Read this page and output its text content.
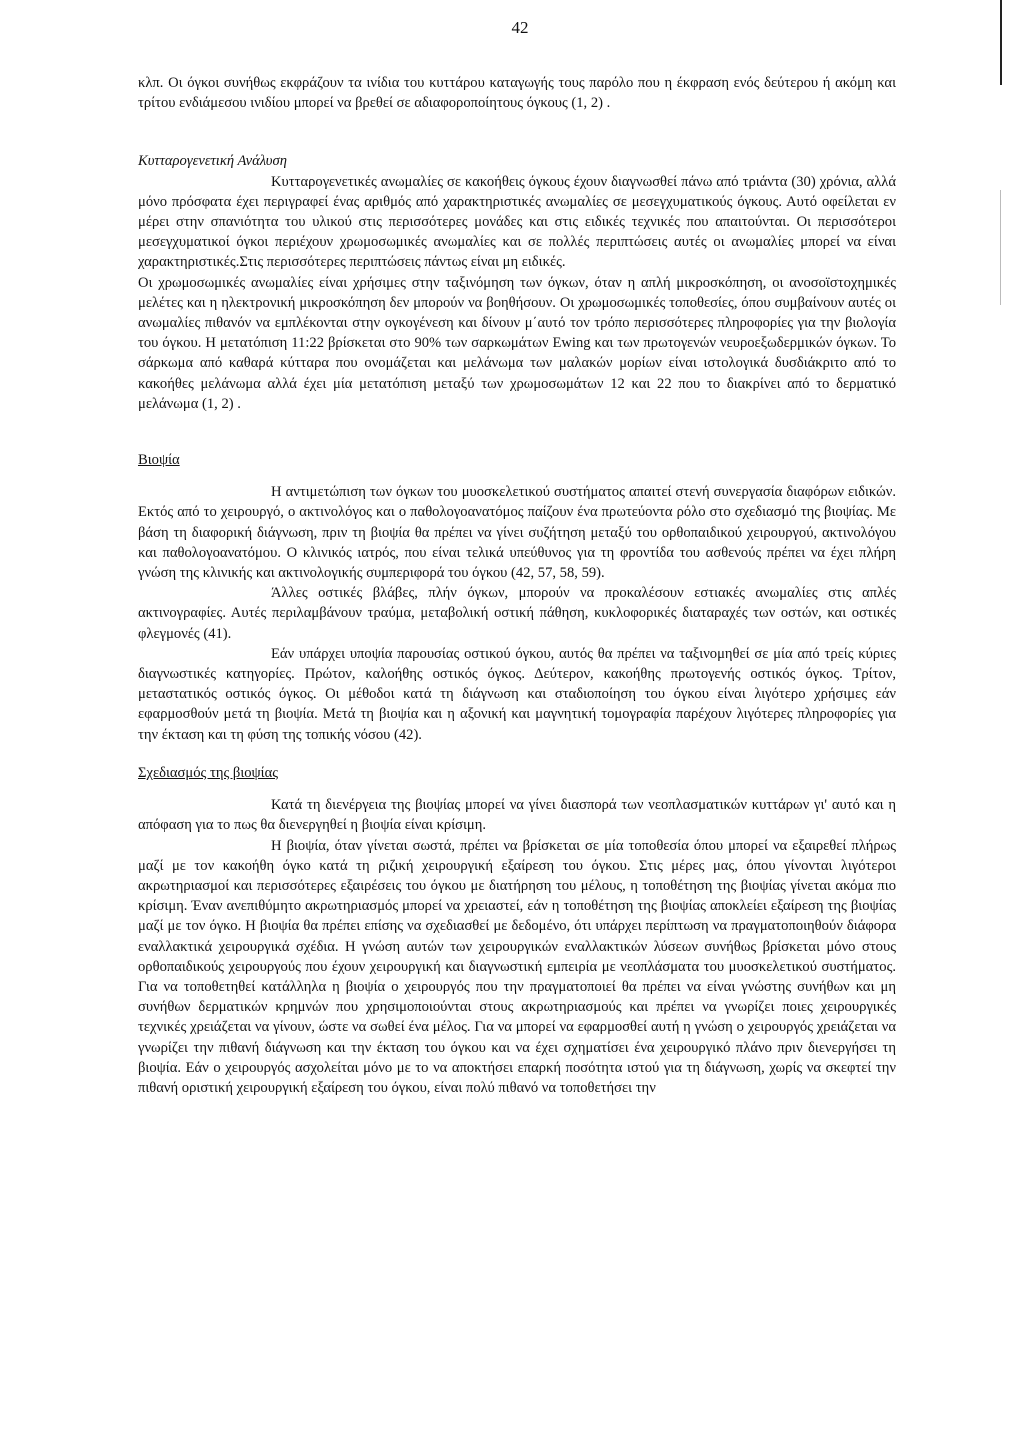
42

κλπ. Οι όγκοι συνήθως εκφράζουν τα ινίδια του κυττάρου καταγωγής τους παρόλο που η έκφραση ενός δεύτερου ή ακόμη και τρίτου ενδιάμεσου ινιδίου μπορεί να βρεθεί σε αδιαφοροποίητους όγκους (1, 2) .

Κυτταρογενετική Ανάλυση

Κυτταρογενετικές ανωμαλίες σε κακοήθεις όγκους έχουν διαγνωσθεί πάνω από τριάντα (30) χρόνια, αλλά μόνο πρόσφατα έχει περιγραφεί ένας αριθμός από χαρακτηριστικές ανωμαλίες σε μεσεγχυματικούς όγκους. Αυτό οφείλεται εν μέρει στην σπανιότητα του υλικού στις περισσότερες μονάδες και στις ειδικές τεχνικές που απαιτούνται. Οι περισσότεροι μεσεγχυματικοί όγκοι περιέχουν χρωμοσωμικές ανωμαλίες και σε πολλές περιπτώσεις αυτές οι ανωμαλίες μπορεί να είναι χαρακτηριστικές.Στις περισσότερες περιπτώσεις πάντως είναι μη ειδικές.

Οι χρωμοσωμικές ανωμαλίες είναι χρήσιμες στην ταξινόμηση των όγκων, όταν η απλή μικροσκόπηση, οι ανοσοϊστοχημικές μελέτες και η ηλεκτρονική μικροσκόπηση δεν μπορούν να βοηθήσουν. Οι χρωμοσωμικές τοποθεσίες, όπου συμβαίνουν αυτές οι ανωμαλίες πιθανόν να εμπλέκονται στην ογκογένεση και δίνουν μ΄αυτό τον τρόπο περισσότερες πληροφορίες για την βιολογία του όγκου. Η μετατόπιση 11:22 βρίσκεται στο 90% των σαρκωμάτων Ewing και των πρωτογενών νευροεξωδερμικών όγκων. Το σάρκωμα από καθαρά κύτταρα που ονομάζεται και μελάνωμα των μαλακών μορίων είναι ιστολογικά δυσδιάκριτο από το κακοήθες μελάνωμα αλλά έχει μία μετατόπιση μεταξύ των χρωμοσωμάτων 12 και 22 που το διακρίνει από το δερματικό μελάνωμα (1, 2) .

Βιοψία

Η αντιμετώπιση των όγκων του μυοσκελετικού συστήματος απαιτεί στενή συνεργασία διαφόρων ειδικών. Εκτός από το χειρουργό, ο ακτινολόγος και ο παθολογοανατόμος παίζουν ένα πρωτεύοντα ρόλο στο σχεδιασμό της βιοψίας. Με βάση τη διαφορική διάγνωση, πριν τη βιοψία θα πρέπει να γίνει συζήτηση μεταξύ του ορθοπαιδικού χειρουργού, ακτινολόγου και παθολογοανατόμου. Ο κλινικός ιατρός, που είναι τελικά υπεύθυνος για τη φροντίδα του ασθενούς πρέπει να έχει πλήρη γνώση της κλινικής και ακτινολογικής συμπεριφορά του όγκου (42, 57, 58, 59).

Άλλες οστικές βλάβες, πλήν όγκων, μπορούν να προκαλέσουν εστιακές ανωμαλίες στις απλές ακτινογραφίες. Αυτές περιλαμβάνουν τραύμα, μεταβολική οστική πάθηση, κυκλοφορικές διαταραχές των οστών, και οστικές φλεγμονές (41).

Εάν υπάρχει υποψία παρουσίας οστικού όγκου, αυτός θα πρέπει να ταξινομηθεί σε μία από τρείς κύριες διαγνωστικές κατηγορίες. Πρώτον, καλοήθης οστικός όγκος. Δεύτερον, κακοήθης πρωτογενής οστικός όγκος. Τρίτον, μεταστατικός οστικός όγκος. Οι μέθοδοι κατά τη διάγνωση και σταδιοποίηση του όγκου είναι λιγότερο χρήσιμες εάν εφαρμοσθούν μετά τη βιοψία. Μετά τη βιοψία και η αξονική και μαγνητική τομογραφία παρέχουν λιγότερες πληροφορίες για την έκταση και τη φύση της τοπικής νόσου (42).

Σχεδιασμός της βιοψίας

Κατά τη διενέργεια της βιοψίας μπορεί να γίνει διασπορά των νεοπλασματικών κυττάρων γι' αυτό και η απόφαση για το πως θα διενεργηθεί η βιοψία είναι κρίσιμη.

Η βιοψία, όταν γίνεται σωστά, πρέπει να βρίσκεται σε μία τοποθεσία όπου μπορεί να εξαιρεθεί πλήρως μαζί με τον κακοήθη όγκο κατά τη ριζική χειρουργική εξαίρεση του όγκου. Στις μέρες μας, όπου γίνονται λιγότεροι ακρωτηριασμοί και περισσότερες εξαιρέσεις του όγκου με διατήρηση του μέλους, η τοποθέτηση της βιοψίας γίνεται ακόμα πιο κρίσιμη. Έναν ανεπιθύμητο ακρωτηριασμός μπορεί να χρειαστεί, εάν η τοποθέτηση της βιοψίας αποκλείει εξαίρεση της βιοψίας μαζί με τον όγκο. Η βιοψία θα πρέπει επίσης να σχεδιασθεί με δεδομένο, ότι υπάρχει περίπτωση να πραγματοποιηθούν διάφορα εναλλακτικά χειρουργικά σχέδια. Η γνώση αυτών των χειρουργικών εναλλακτικών λύσεων συνήθως βρίσκεται μόνο στους ορθοπαιδικούς χειρουργούς που έχουν χειρουργική και διαγνωστική εμπειρία με νεοπλάσματα του μυοσκελετικού συστήματος. Για να τοποθετηθεί κατάλληλα η βιοψία ο χειρουργός που την πραγματοποιεί θα πρέπει να είναι γνώστης συνήθων και μη συνήθων δερματικών κρημνών που χρησιμοποιούνται στους ακρωτηριασμούς και πρέπει να γνωρίζει ποιες χειρουργικές τεχνικές χρειάζεται να γίνουν, ώστε να σωθεί ένα μέλος. Για να μπορεί να εφαρμοσθεί αυτή η γνώση ο χειρουργός χρειάζεται να γνωρίζει την πιθανή διάγνωση και την έκταση του όγκου και να έχει σχηματίσει ένα χειρουργικό πλάνο πριν διενεργήσει τη βιοψία. Εάν ο χειρουργός ασχολείται μόνο με το να αποκτήσει επαρκή ποσότητα ιστού για τη διάγνωση, χωρίς να σκεφτεί την πιθανή οριστική χειρουργική εξαίρεση του όγκου, είναι πολύ πιθανό να τοποθετήσει την
